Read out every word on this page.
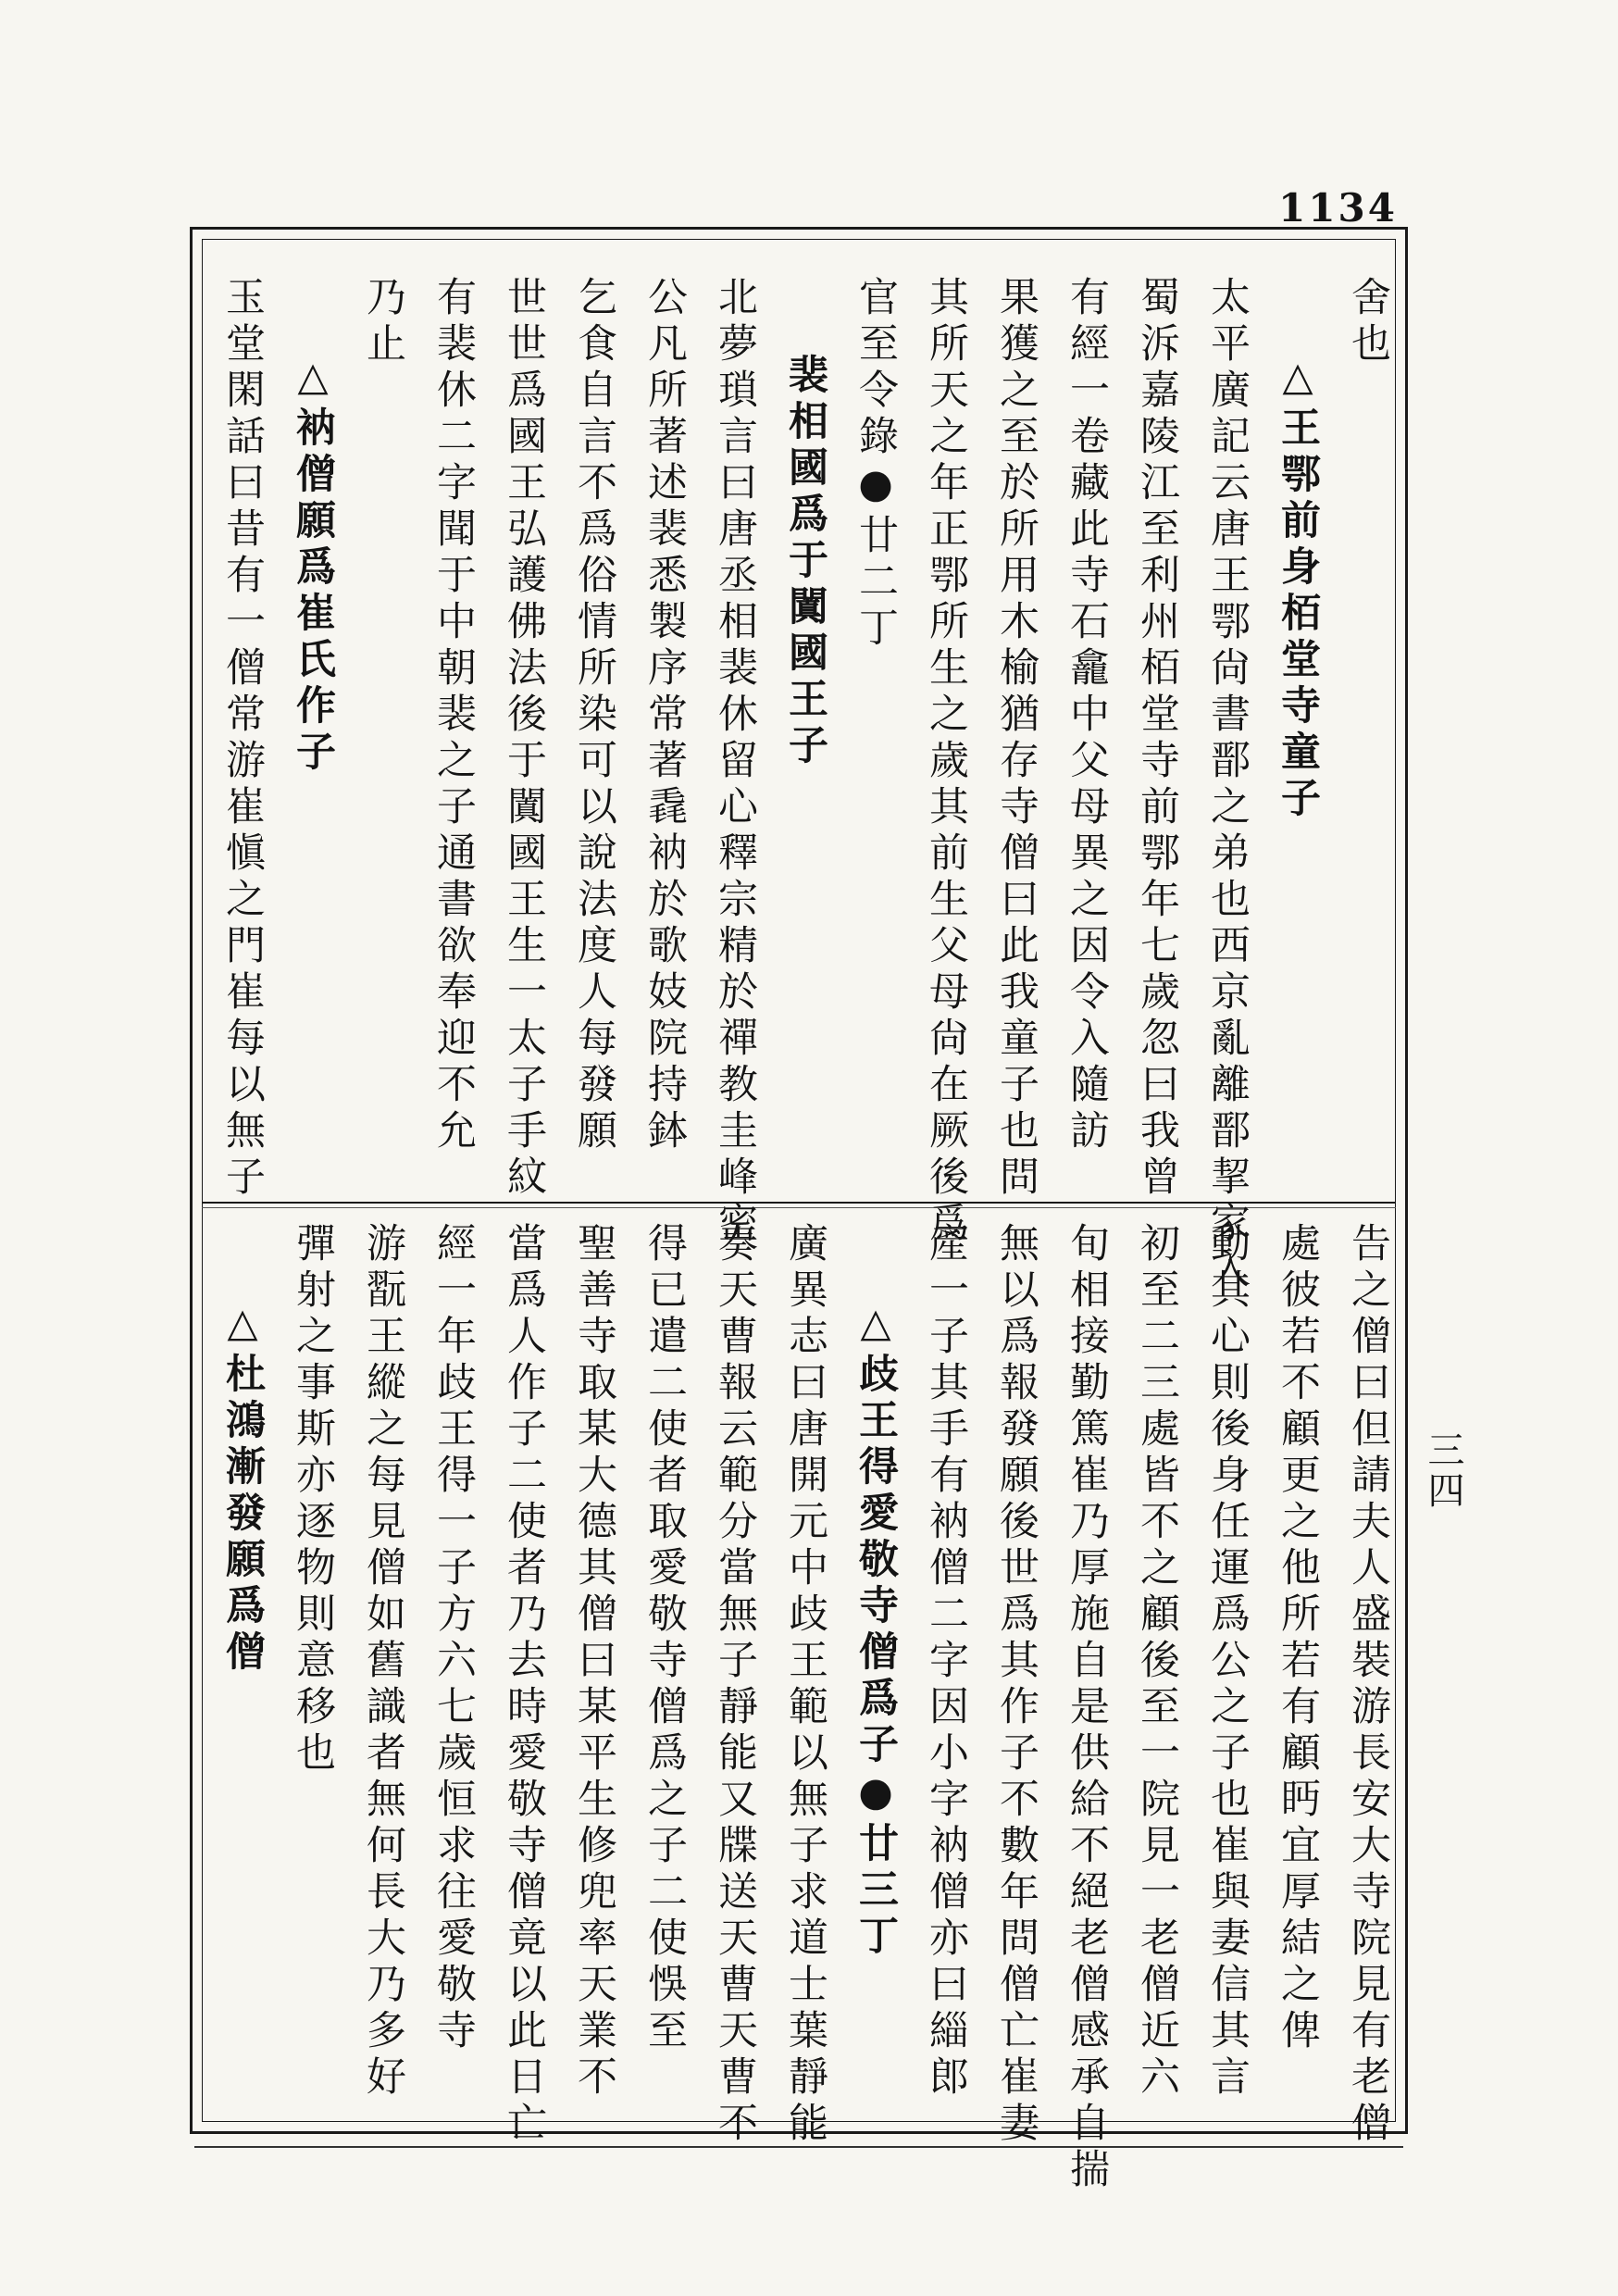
1134
三四
舍也
△王鄂前身栢堂寺童子
太平廣記云唐王鄂尙書鄑之弟也西京亂離鄑挈家入
蜀泝嘉陵江至利州栢堂寺前鄂年七歲忽曰我曾
有經一卷藏此寺石龕中父母異之因令入隨訪
果獲之至於所用木榆猶存寺僧曰此我童子也問
其所天之年正鄂所生之歲其前生父母尙在厥後爲
官至令錄●廿二丁
裴相國爲于闐國王子
北夢瑣言曰唐丞相裴休留心釋宗精於禪教圭峰密
公凡所著述裴悉製序常著毳衲於歌妓院持鉢
乞食自言不爲俗情所染可以說法度人每發願
世世爲國王弘護佛法後于闐國王生一太子手紋
有裴休二字聞于中朝裴之子通書欲奉迎不允
乃止
△衲僧願爲崔氏作子
玉堂閑話曰昔有一僧常游崔愼之門崔每以無子
告之僧曰但請夫人盛裝游長安大寺院見有老僧
處彼若不顧更之他所若有顧眄宜厚結之俾
動其心則後身任運爲公之子也崔與妻信其言
初至二三處皆不之顧後至一院見一老僧近六
旬相接勤篤崔乃厚施自是供給不絕老僧感承自揣
無以爲報發願後世爲其作子不數年問僧亡崔妻
產一子其手有衲僧二字因小字衲僧亦曰緇郎
△歧王得愛敬寺僧爲子●廿三丁
廣異志曰唐開元中歧王範以無子求道士葉靜能
奏天曹報云範分當無子靜能又牒送天曹天曹不
得已遣二使者取愛敬寺僧爲之子二使悞至
聖善寺取某大德其僧曰某平生修兜率天業不
當爲人作子二使者乃去時愛敬寺僧竟以此日亡
經一年歧王得一子方六七歲恒求往愛敬寺
游翫王縱之每見僧如舊識者無何長大乃多好
彈射之事斯亦逐物則意移也
△杜鴻漸發願爲僧
